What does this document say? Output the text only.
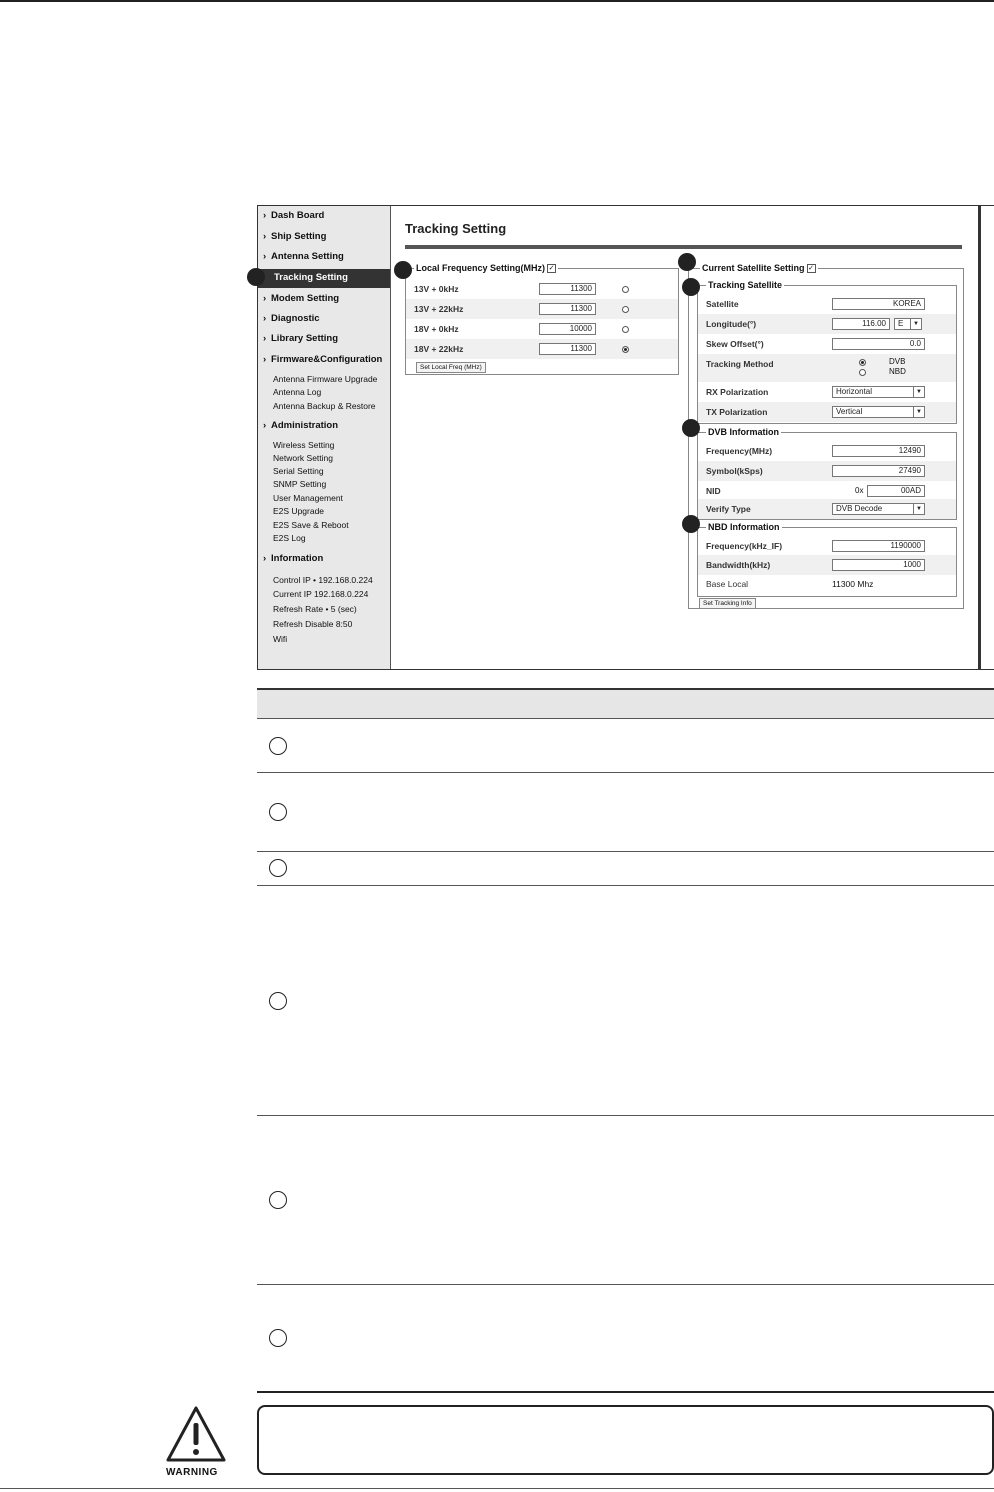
› Dash Board
› Ship Setting
› Antenna Setting
Tracking Setting
› Modem Setting
› Diagnostic
› Library Setting
› Firmware&Configuration
Antenna Firmware Upgrade
Antenna Log
Antenna Backup & Restore
› Administration
Wireless Setting
Network Setting
Serial Setting
SNMP Setting
User Management
E2S Upgrade
E2S Save & Reboot
E2S Log
› Information
Control IP • 192.168.0.224
Current IP 192.168.0.224
Refresh Rate • 5 (sec)
Refresh Disable 8:50
Wifi
Tracking Setting
Local Frequency Setting(MHz) ✓
13V + 0kHz	11300
13V + 22kHz	11300
18V + 0kHz	10000
18V + 22kHz	11300
Set Local Freq (MHz)
Current Satellite Setting ✓
Tracking Satellite
Satellite	KOREA
Longitude(°)	116.00	E	▼
Skew Offset(°)	0.0
Tracking Method	DVB
NBD
RX Polarization	Horizontal	▼
TX Polarization	Vertical	▼
DVB Information
Frequency(MHz)	12490
Symbol(kSps)	27490
NID	0x	00AD
Verify Type	DVB Decode	▼
NBD Information
Frequency(kHz_IF)	1190000
Bandwidth(kHz)	1000
Base Local	11300 Mhz
Set Tracking Info
WARNING
